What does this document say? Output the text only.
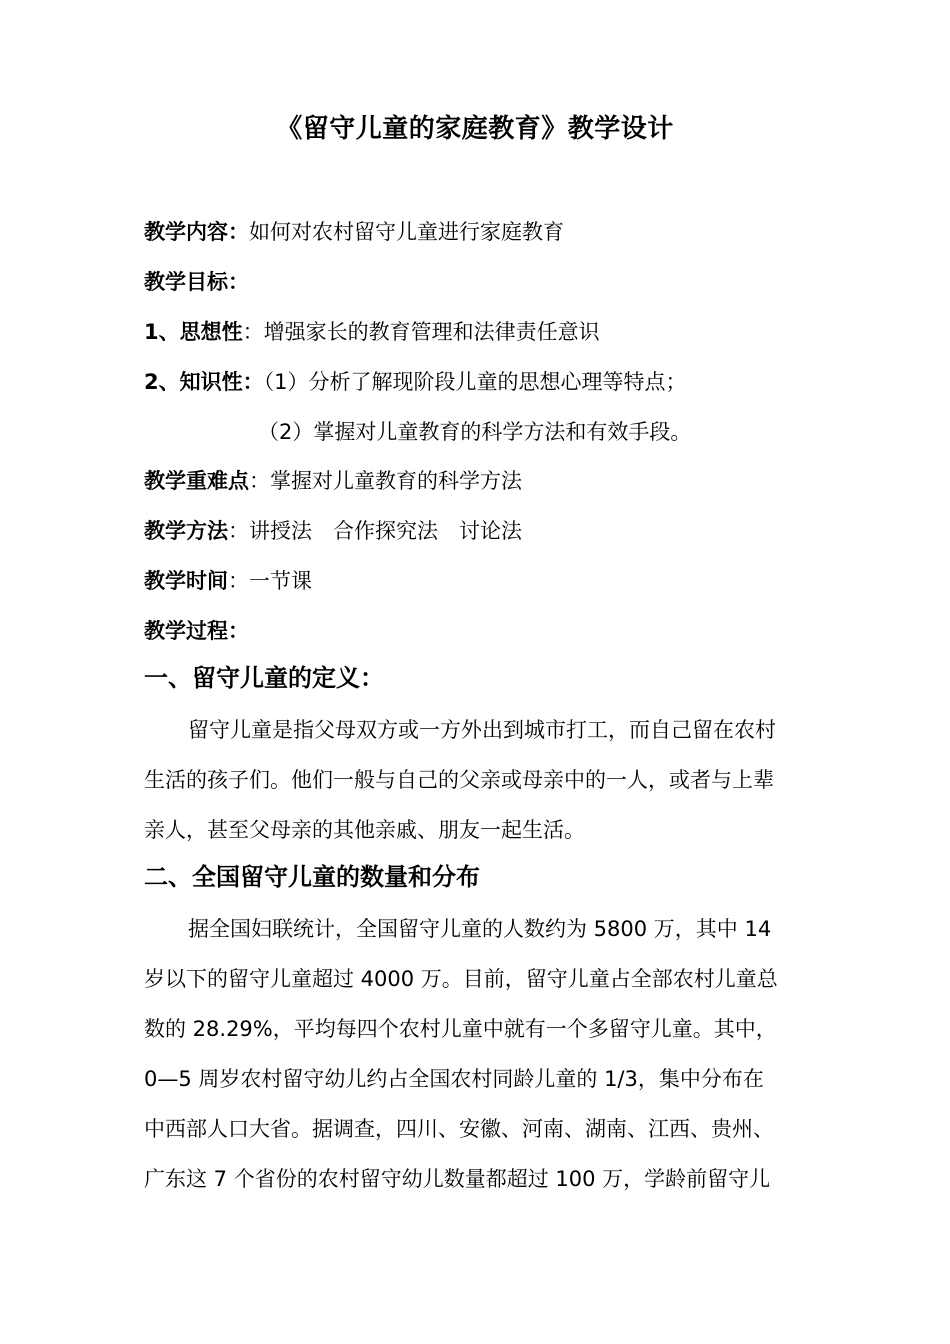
《留守儿童的家庭教育》教学设计
教学内容：如何对农村留守儿童进行家庭教育
教学目标：
1、思想性：增强家长的教育管理和法律责任意识
2、知识性：（1）分析了解现阶段儿童的思想心理等特点；
（2）掌握对儿童教育的科学方法和有效手段。
教学重难点：掌握对儿童教育的科学方法
教学方法：讲授法　合作探究法　讨论法
教学时间：一节课
教学过程：
一、留守儿童的定义：
留守儿童是指父母双方或一方外出到城市打工，而自己留在农村
生活的孩子们。他们一般与自己的父亲或母亲中的一人，或者与上辈
亲人，甚至父母亲的其他亲戚、朋友一起生活。
二、全国留守儿童的数量和分布
据全国妇联统计，全国留守儿童的人数约为 5800 万，其中 14
岁以下的留守儿童超过 4000 万。目前，留守儿童占全部农村儿童总
数的 28.29%，平均每四个农村儿童中就有一个多留守儿童。其中，
0—5 周岁农村留守幼儿约占全国农村同龄儿童的 1/3，集中分布在
中西部人口大省。据调查，四川、安徽、河南、湖南、江西、贵州、
广东这 7 个省份的农村留守幼儿数量都超过 100 万，学龄前留守儿
